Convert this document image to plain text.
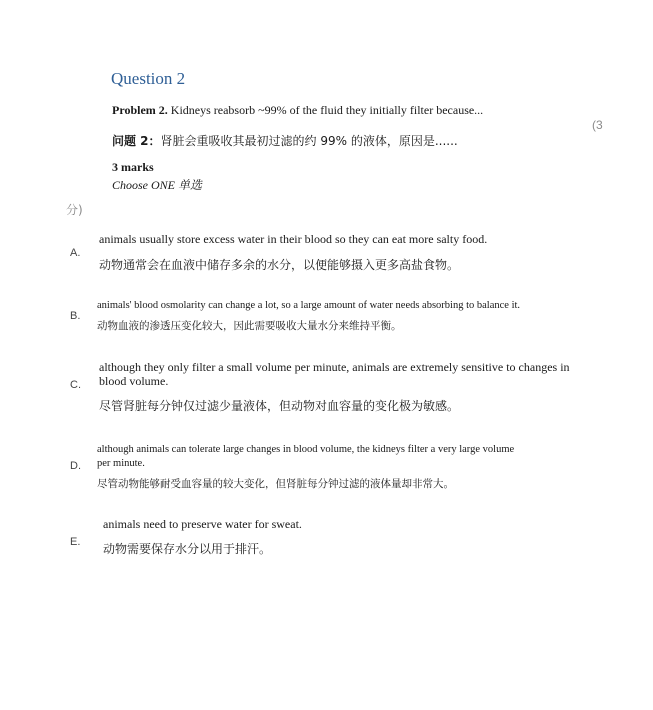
Question 2
Problem 2. Kidneys reabsorb ~99% of the fluid they initially filter because...
问题 2：肾脏会重吸收其最初过滤的约 99% 的液体，原因是......
(3
3 marks
Choose ONE 单选
分)
A.
animals usually store excess water in their blood so they can eat more salty food.
动物通常会在血液中储存多余的水分，以便能够摄入更多高盐食物。
B.
animals' blood osmolarity can change a lot, so a large amount of water needs absorbing to balance it.
动物血液的渗透压变化较大，因此需要吸收大量水分来维持平衡。
C.
although they only filter a small volume per minute, animals are extremely sensitive to changes in
blood volume.
尽管肾脏每分钟仅过滤少量液体，但动物对血容量的变化极为敏感。
D.
although animals can tolerate large changes in blood volume, the kidneys filter a very large volume
per minute.
尽管动物能够耐受血容量的较大变化，但肾脏每分钟过滤的液体量却非常大。
E.
animals need to preserve water for sweat.
动物需要保存水分以用于排汗。
